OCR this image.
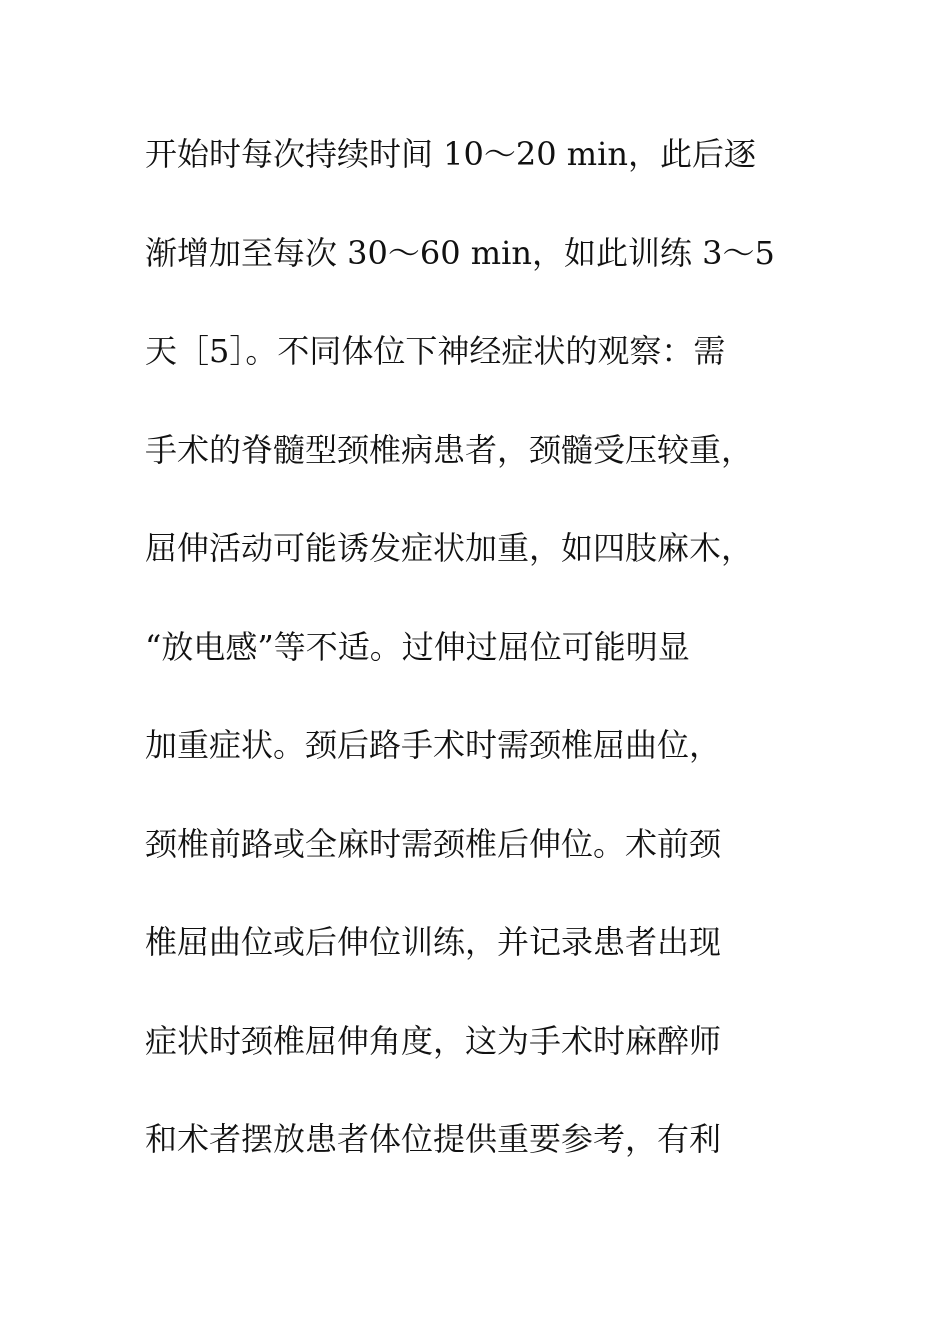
开始时每次持续时间 10～20 min，此后逐
渐增加至每次 30～60 min，如此训练 3～5
天［5］。不同体位下神经症状的观察：需
手术的脊髓型颈椎病患者，颈髓受压较重，
屈伸活动可能诱发症状加重，如四肢麻木，
“放电感”等不适。过伸过屈位可能明显
加重症状。颈后路手术时需颈椎屈曲位，
颈椎前路或全麻时需颈椎后伸位。术前颈
椎屈曲位或后伸位训练，并记录患者出现
症状时颈椎屈伸角度，这为手术时麻醉师
和术者摆放患者体位提供重要参考，有利
